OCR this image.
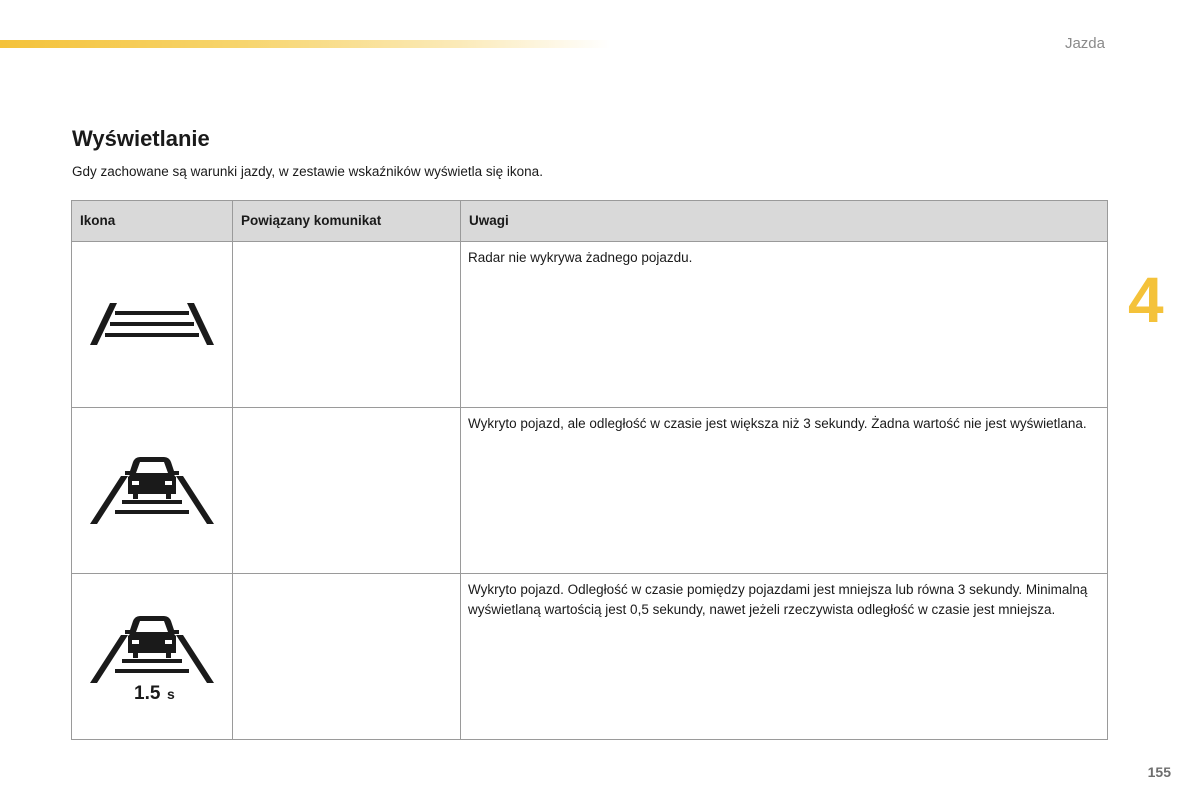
Jazda
4
Wyświetlanie

Gdy zachowane są warunki jazdy, w zestawie wskaźników wyświetla się ikona.

Ikona	Powiązany komunikat	Uwagi

		Radar nie wykrywa żadnego pojazdu.

		Wykryto pojazd, ale odległość w czasie jest większa niż 3 sekundy. Żadna wartość nie jest wyświetlana.

1.5 s		Wykryto pojazd. Odległość w czasie pomiędzy pojazdami jest mniejsza lub równa 3 sekundy. Minimalną wyświetlaną wartością jest 0,5 sekundy, nawet jeżeli rzeczywista odległość w czasie jest mniejsza.
155
